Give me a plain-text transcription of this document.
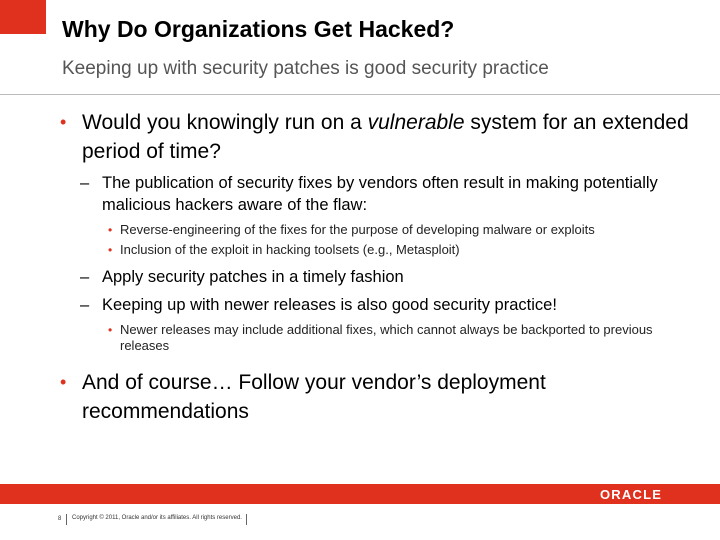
Why Do Organizations Get Hacked?
Keeping up with security patches is good security practice
• Would you knowingly run on a vulnerable system for an extended period of time?
– The publication of security fixes by vendors often result in making potentially malicious hackers aware of the flaw:
• Reverse-engineering of the fixes for the purpose of developing malware or exploits
• Inclusion of the exploit in hacking toolsets (e.g., Metasploit)
– Apply security patches in a timely fashion
– Keeping up with newer releases is also good security practice!
• Newer releases may include additional fixes, which cannot always be backported to previous releases
• And of course… Follow your vendor’s deployment recommendations
ORACLE
8 Copyright © 2011, Oracle and/or its affiliates. All rights reserved.
